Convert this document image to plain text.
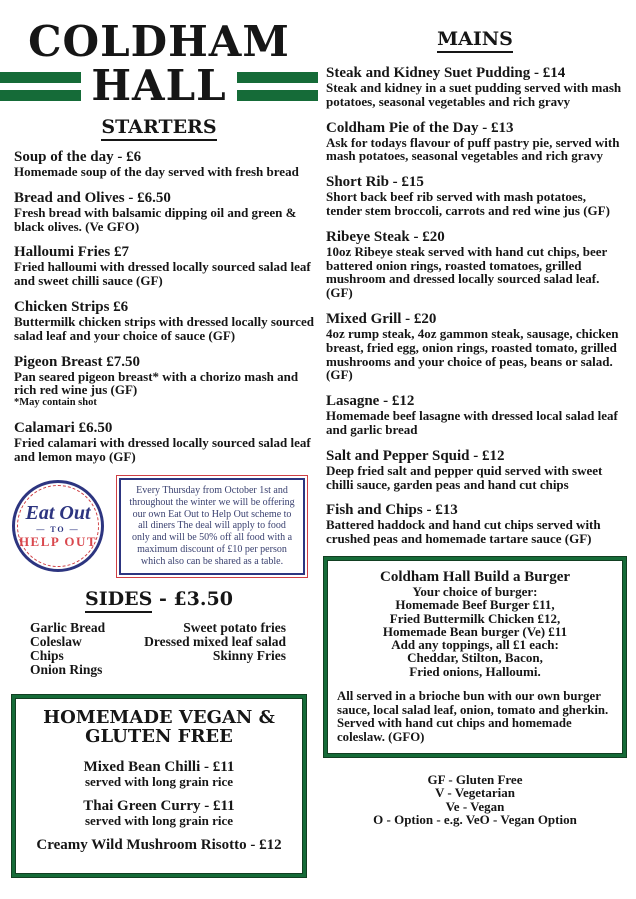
COLDHAM
HALL
STARTERS
Soup of the day - £6
Homemade soup of the day served with fresh bread
Bread and Olives - £6.50
Fresh bread with balsamic dipping oil and green & black olives. (Ve GFO)
Halloumi Fries £7
Fried halloumi with dressed locally sourced salad leaf and sweet chilli sauce (GF)
Chicken Strips £6
Buttermilk chicken strips with dressed locally sourced salad leaf and your choice of sauce (GF)
Pigeon Breast £7.50
Pan seared pigeon breast* with a chorizo mash and rich red wine jus (GF)
*May contain shot
Calamari £6.50
Fried calamari with dressed locally sourced salad leaf and lemon mayo (GF)
Eat Out
— TO —
HELP OUT
Every Thursday from October 1st and throughout the winter we will be offering our own Eat Out to Help Out scheme to all diners The deal will apply to food only and will be 50% off all food with a maximum discount of £10 per person which also can be shared as a table.
SIDES - £3.50
Garlic Bread
Coleslaw
Chips
Onion Rings
Sweet potato fries
Dressed mixed leaf salad
Skinny Fries
HOMEMADE VEGAN & GLUTEN FREE
Mixed Bean Chilli - £11
served with long grain rice
Thai Green Curry - £11
served with long grain rice
Creamy Wild Mushroom Risotto - £12
MAINS
Steak and Kidney Suet Pudding - £14
Steak and kidney in a suet pudding served with mash potatoes, seasonal vegetables and rich gravy
Coldham Pie of the Day - £13
Ask for todays flavour of puff pastry pie, served with mash potatoes, seasonal vegetables and rich gravy
Short Rib - £15
Short back beef rib served with mash potatoes, tender stem broccoli, carrots and red wine jus (GF)
Ribeye Steak - £20
10oz Ribeye steak served with hand cut chips, beer battered onion rings, roasted tomatoes, grilled mushroom and dressed locally sourced salad leaf. (GF)
Mixed Grill - £20
4oz rump steak, 4oz gammon steak, sausage, chicken breast, fried egg, onion rings, roasted tomato, grilled mushrooms and your choice of peas, beans or salad. (GF)
Lasagne - £12
Homemade beef lasagne with dressed local salad leaf and garlic bread
Salt and Pepper Squid - £12
Deep fried salt and pepper quid served with sweet chilli sauce, garden peas and hand cut chips
Fish and Chips - £13
Battered haddock and hand cut chips served with crushed peas and homemade tartare sauce (GF)
Coldham Hall Build a Burger
Your choice of burger:
Homemade Beef Burger £11,
Fried Buttermilk Chicken £12,
Homemade Bean burger (Ve) £11
Add any toppings, all £1 each:
Cheddar, Stilton, Bacon,
Fried onions, Halloumi.
All served in a brioche bun with our own burger sauce, local salad leaf, onion, tomato and gherkin. Served with hand cut chips and homemade coleslaw. (GFO)
GF - Gluten Free
V - Vegetarian
Ve - Vegan
O - Option - e.g. VeO - Vegan Option
